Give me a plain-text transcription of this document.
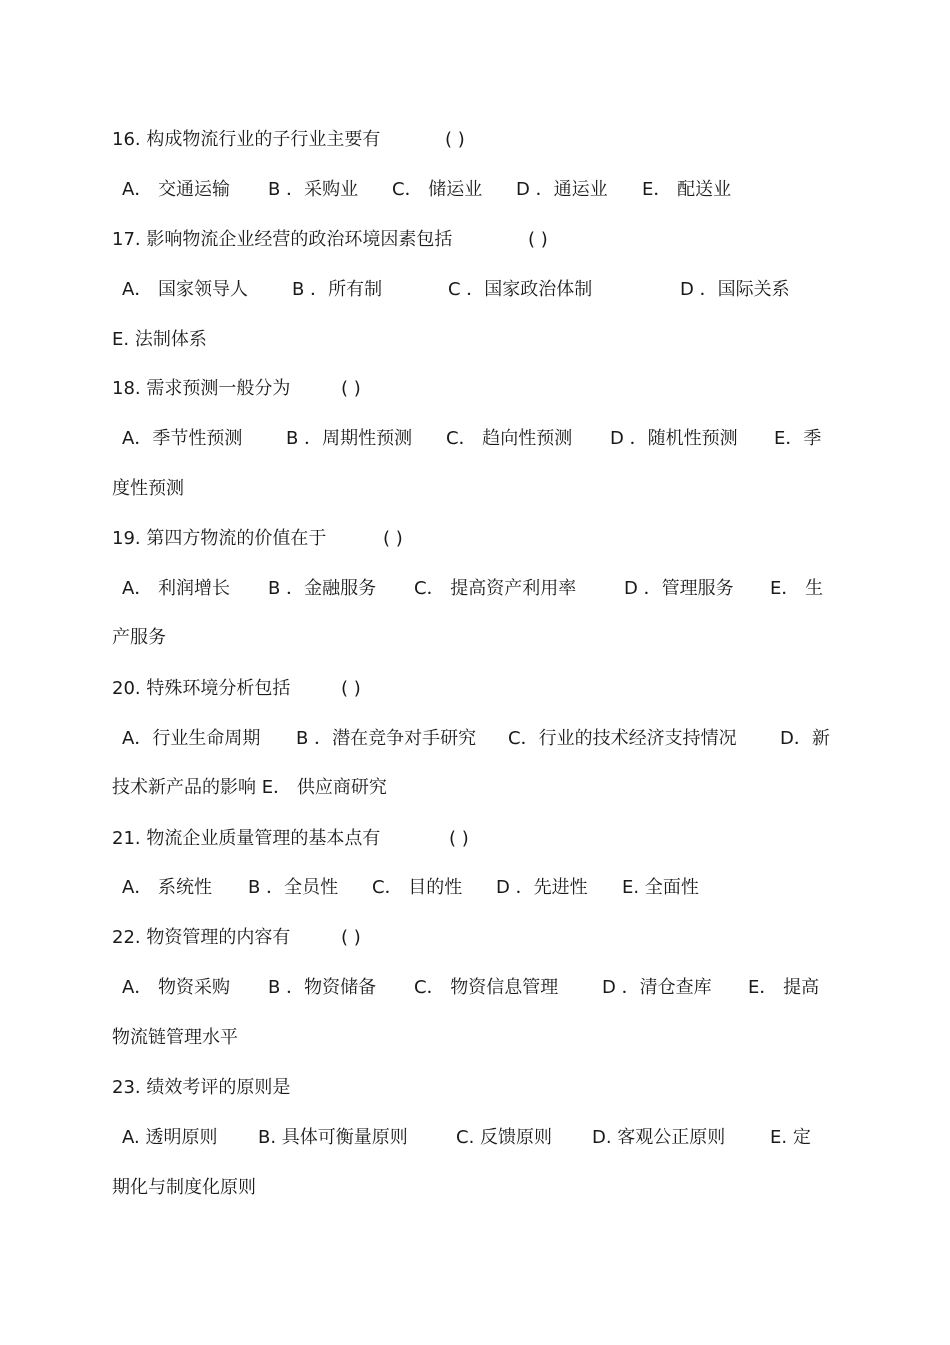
16. 构成物流行业的子行业主要有	( )
A． 交通运输 B ．采购业 C． 储运业 D ．通运业 E． 配送业
17. 影响物流企业经营的政治环境因素包括	( )
A． 国家领导人 B ．所有制	C ．国家政治体制	D ．国际关系
E. 法制体系
18. 需求预测一般分为	( )
A．季节性预测 B ．周期性预测 C． 趋向性预测 D ．随机性预测 E．季
度性预测
19. 第四方物流的价值在于	( )
A． 利润增长 B ．金融服务 C． 提高资产利用率	D ．管理服务 E． 生
产服务
20. 特殊环境分析包括	( )
A．行业生命周期 B ．潜在竞争对手研究 C．行业的技术经济支持情况 D．新
技术新产品的影响 E． 供应商研究
21. 物流企业质量管理的基本点有	( )
A． 系统性 B ．全员性 C． 目的性 D ．先进性 E. 全面性
22. 物资管理的内容有	( )
A． 物资采购 B ．物资储备 C． 物资信息管理 D ．清仓查库 E． 提高
物流链管理水平
23. 绩效考评的原则是
A. 透明原则 B. 具体可衡量原则	C. 反馈原则 D. 客观公正原则 E. 定
期化与制度化原则
